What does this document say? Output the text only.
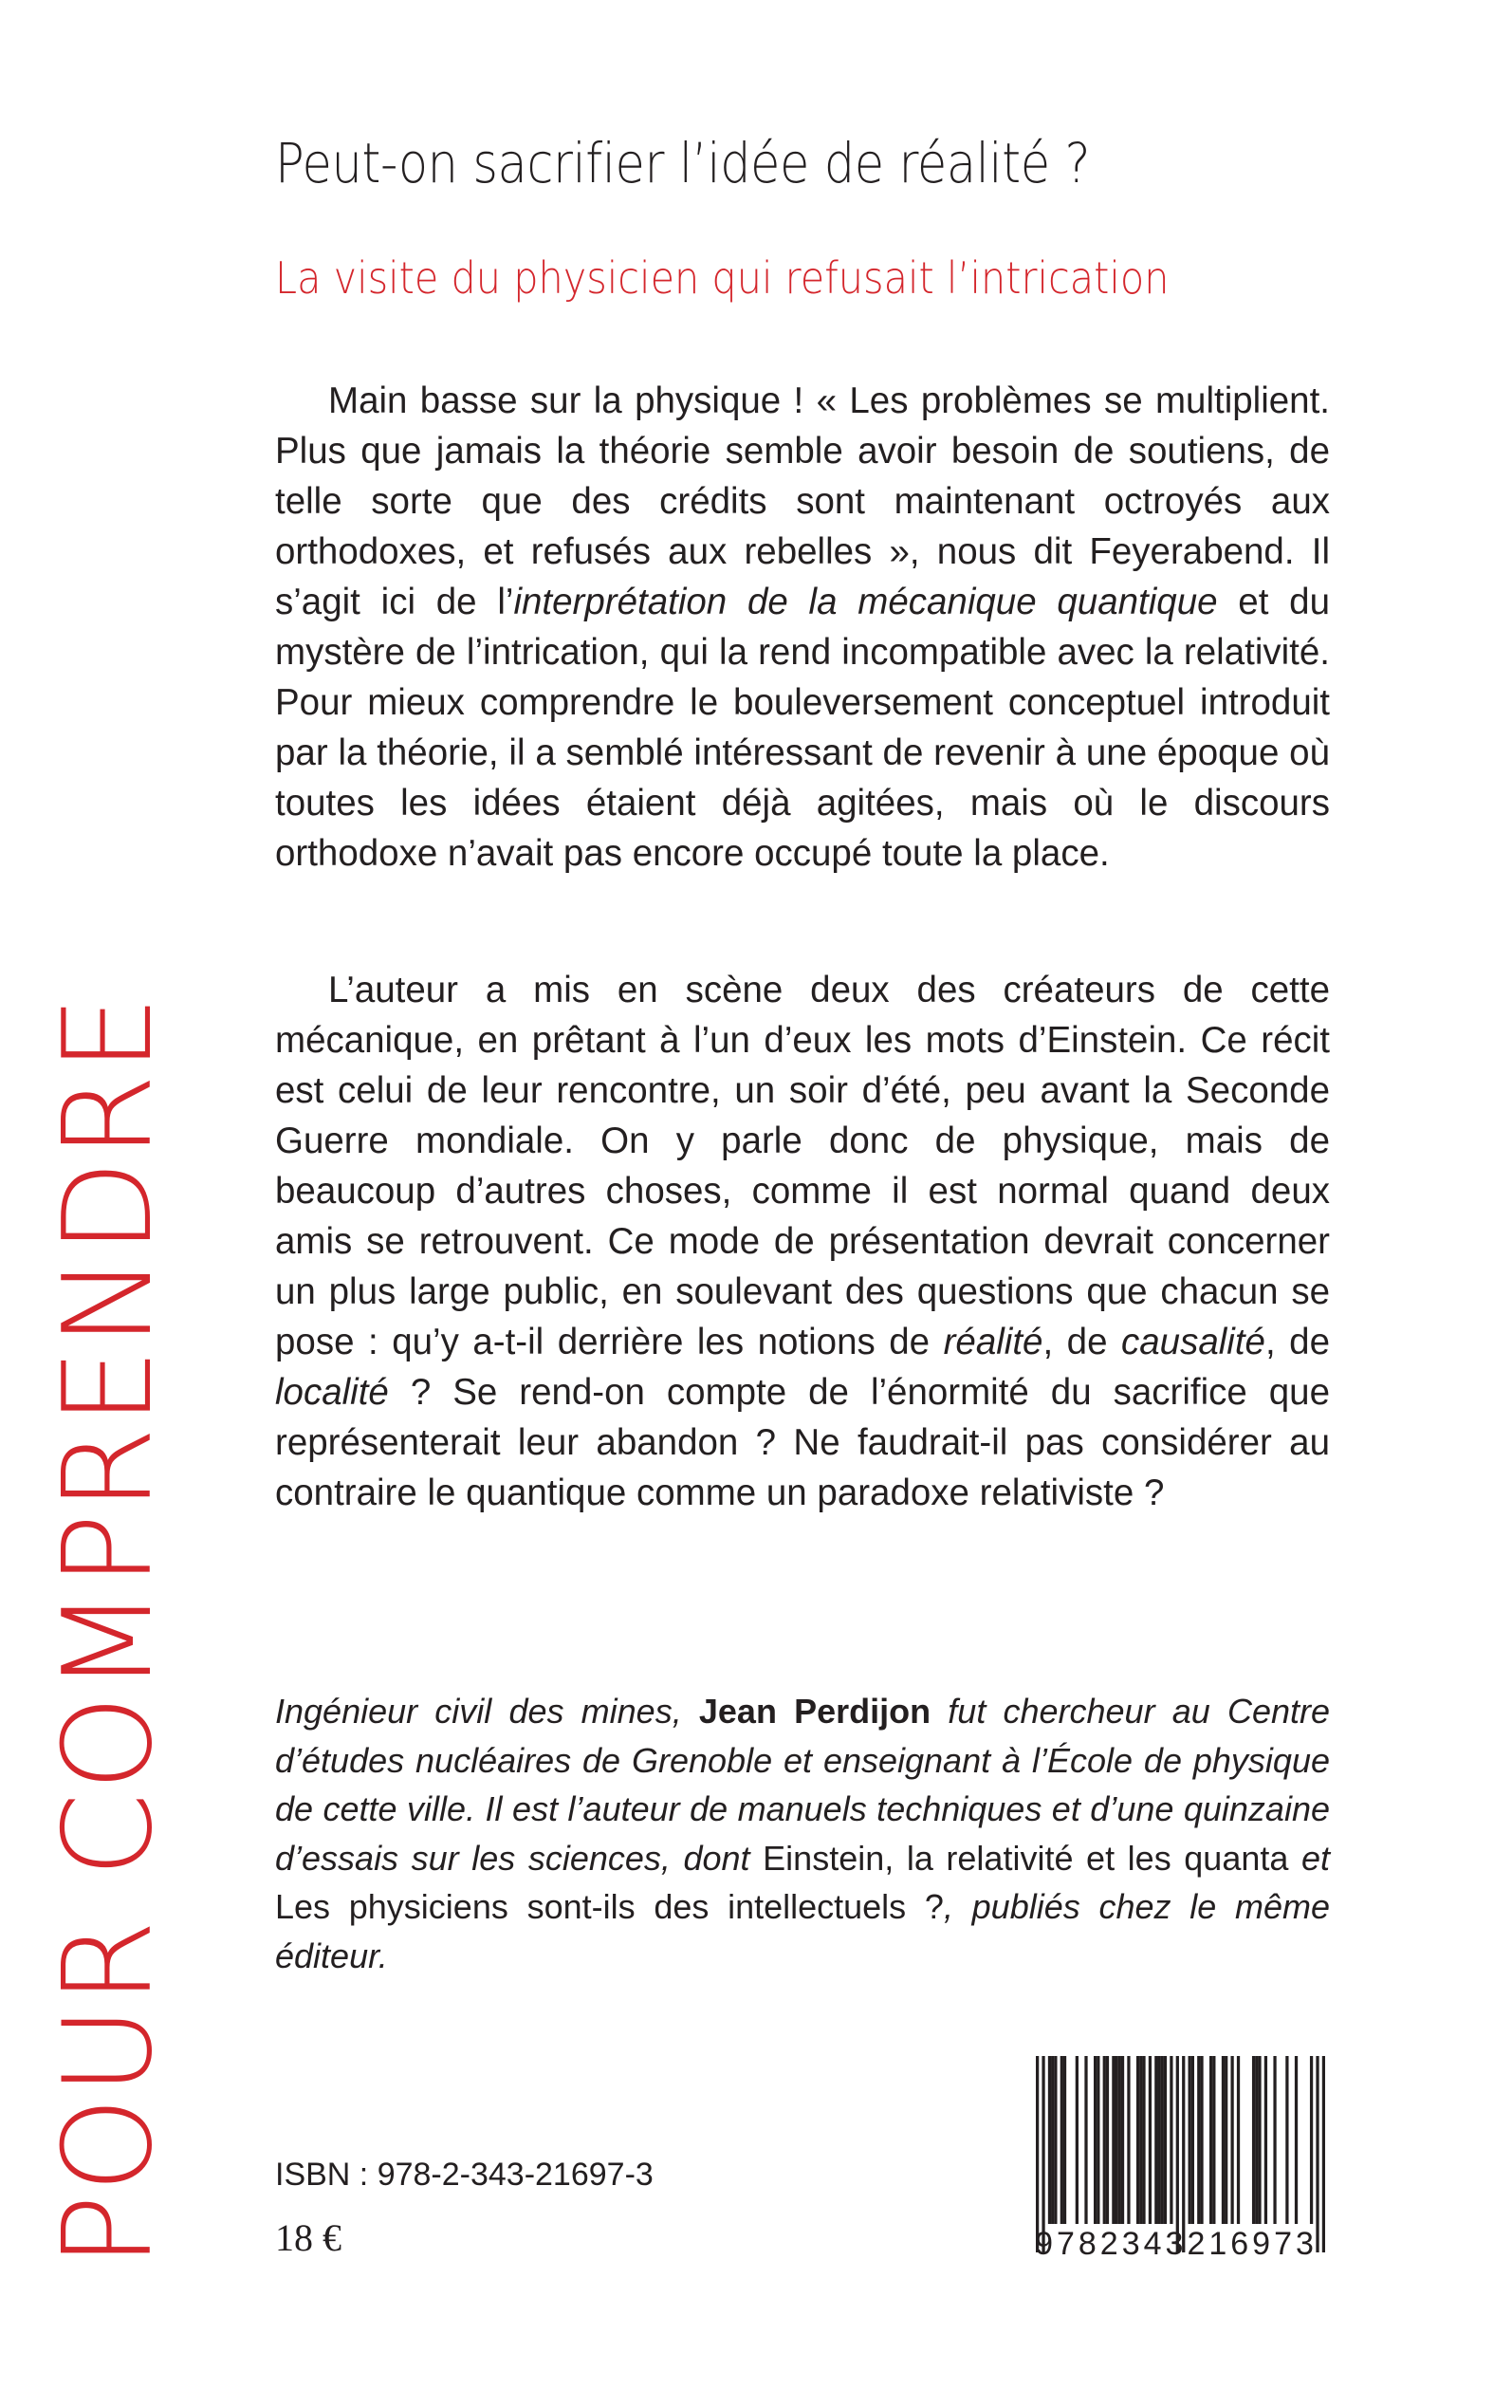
Peut-on sacrifier l’idée de réalité ?
La visite du physicien qui refusait l’intrication

Main basse sur la physique ! « Les problèmes se multiplient. Plus que jamais la théorie semble avoir besoin de soutiens, de telle sorte que des crédits sont maintenant octroyés aux orthodoxes, et refusés aux rebelles », nous dit Feyerabend. Il s’agit ici de l’interprétation de la mécanique quantique et du mystère de l’intrication, qui la rend incompatible avec la relativité. Pour mieux comprendre le bouleversement conceptuel introduit par la théorie, il a semblé intéressant de revenir à une époque où toutes les idées étaient déjà agitées, mais où le discours orthodoxe n’avait pas encore occupé toute la place.

L’auteur a mis en scène deux des créateurs de cette mécanique, en prêtant à l’un d’eux les mots d’Einstein. Ce récit est celui de leur rencontre, un soir d’été, peu avant la Seconde Guerre mondiale. On y parle donc de physique, mais de beaucoup d’autres choses, comme il est normal quand deux amis se retrouvent. Ce mode de présentation devrait concerner un plus large public, en soulevant des questions que chacun se pose : qu’y a-t-il derrière les notions de réalité, de causalité, de localité ? Se rend-on compte de l’énormité du sacrifice que représenterait leur abandon ? Ne faudrait-il pas considérer au contraire le quantique comme un paradoxe relativiste ?

Ingénieur civil des mines, Jean Perdijon fut chercheur au Centre d’études nucléaires de Grenoble et enseignant à l’École de physique de cette ville. Il est l’auteur de manuels techniques et d’une quinzaine d’essais sur les sciences, dont Einstein, la relativité et les quanta et Les physiciens sont-ils des intellectuels ?, publiés chez le même éditeur.

POUR COMPRENDRE	ISBN : 978-2-343-21697-3
18 €	9782343216973
